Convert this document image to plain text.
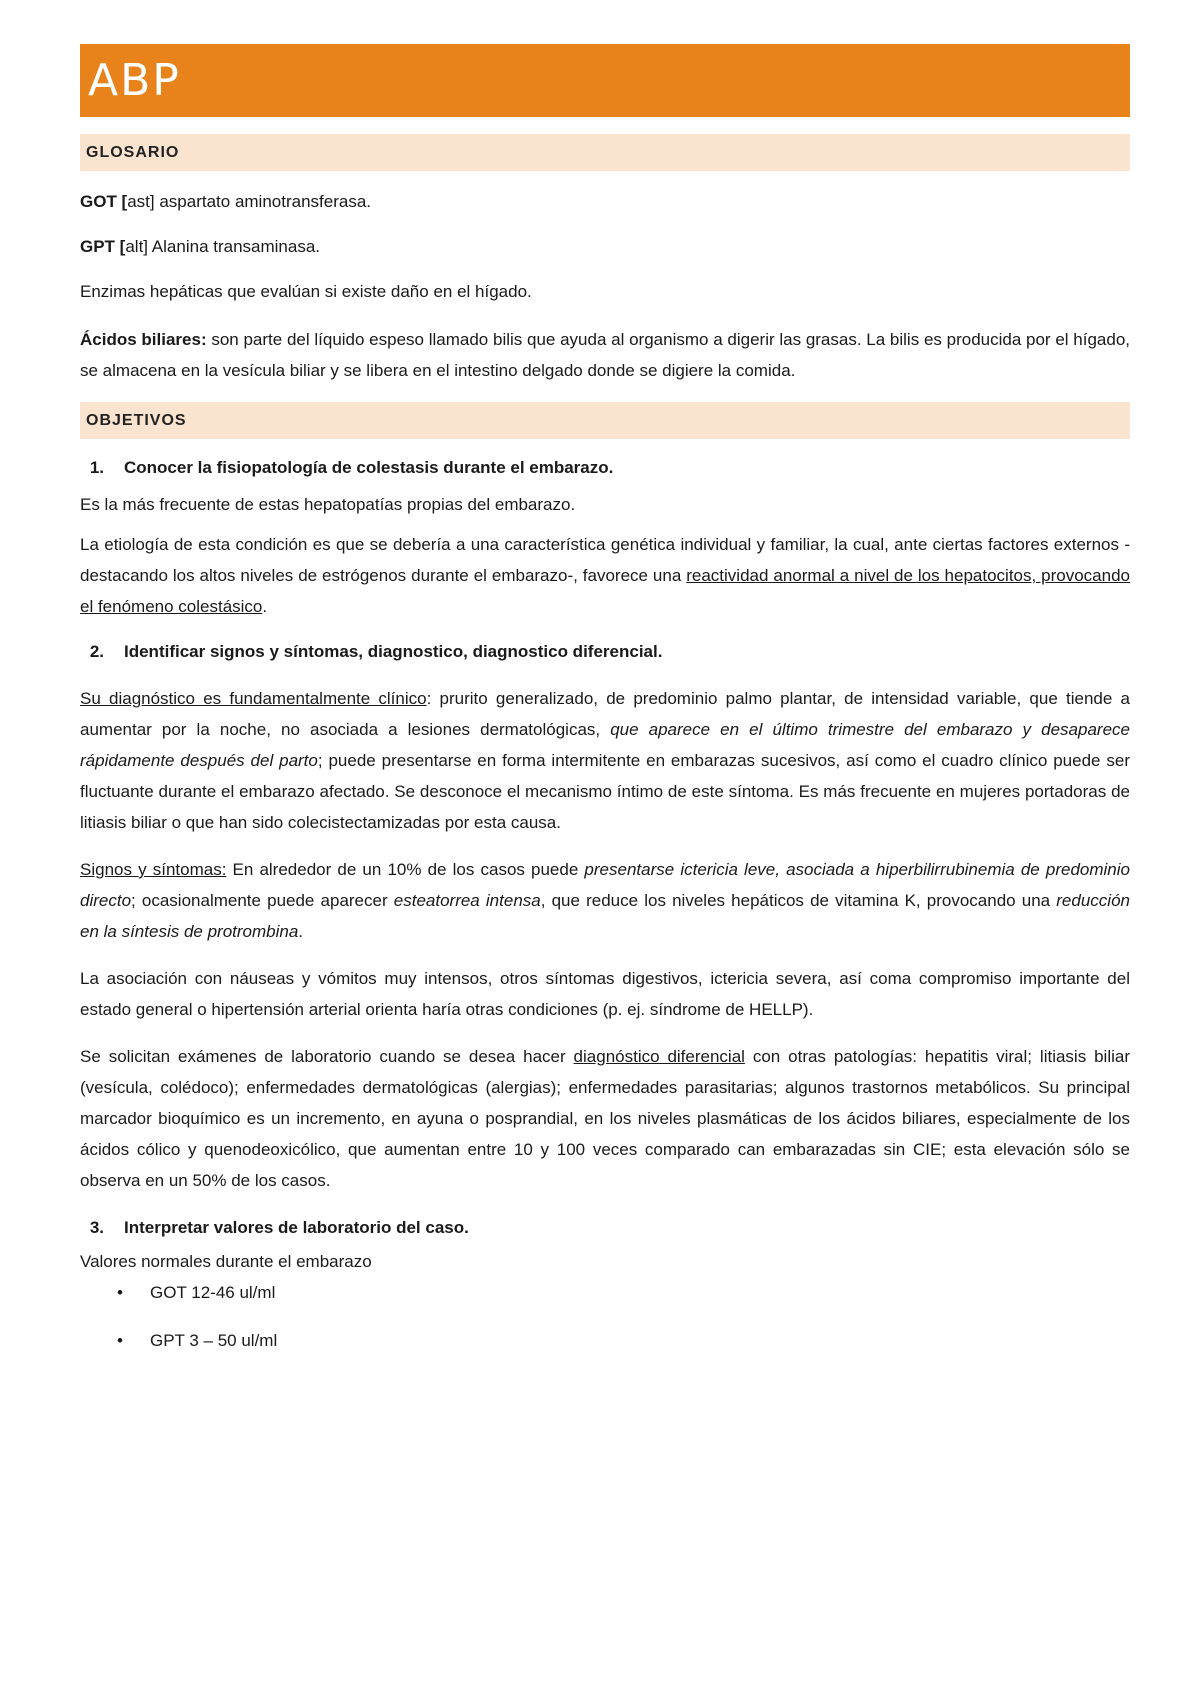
ABP
GLOSARIO

GOT [ast] aspartato aminotransferasa.

GPT [alt] Alanina transaminasa.

Enzimas hepáticas que evalúan si existe daño en el hígado.

Ácidos biliares: son parte del líquido espeso llamado bilis que ayuda al organismo a digerir las grasas. La bilis es producida por el hígado, se almacena en la vesícula biliar y se libera en el intestino delgado donde se digiere la comida.

OBJETIVOS
1.	Conocer la fisiopatología de colestasis durante el embarazo.

Es la más frecuente de estas hepatopatías propias del embarazo.

La etiología de esta condición es que se debería a una característica genética individual y familiar, la cual, ante ciertas factores externos -destacando los altos niveles de estrógenos durante el embarazo-, favorece una reactividad anormal a nivel de los hepatocitos, provocando el fenómeno colestásico.

2.	Identificar signos y síntomas, diagnostico, diagnostico diferencial.

Su diagnóstico es fundamentalmente clínico: prurito generalizado, de predominio palmo plantar, de intensidad variable, que tiende a aumentar por la noche, no asociada a lesiones dermatológicas, que aparece en el último trimestre del embarazo y desaparece rápidamente después del parto; puede presentarse en forma intermitente en embarazas sucesivos, así como el cuadro clínico puede ser fluctuante durante el embarazo afectado. Se desconoce el mecanismo íntimo de este síntoma. Es más frecuente en mujeres portadoras de litiasis biliar o que han sido colecistectamizadas por esta causa.

Signos y síntomas: En alrededor de un 10% de los casos puede presentarse ictericia leve, asociada a hiperbilirrubinemia de predominio directo; ocasionalmente puede aparecer esteatorrea intensa, que reduce los niveles hepáticos de vitamina K, provocando una reducción en la síntesis de protrombina.

La asociación con náuseas y vómitos muy intensos, otros síntomas digestivos, ictericia severa, así coma compromiso importante del estado general o hipertensión arterial orienta haría otras condiciones (p. ej. síndrome de HELLP).

Se solicitan exámenes de laboratorio cuando se desea hacer diagnóstico diferencial con otras patologías: hepatitis viral; litiasis biliar (vesícula, colédoco); enfermedades dermatológicas (alergias); enfermedades parasitarias; algunos trastornos metabólicos. Su principal marcador bioquímico es un incremento, en ayuna o posprandial, en los niveles plasmáticas de los ácidos biliares, especialmente de los ácidos cólico y quenodeoxicólico, que aumentan entre 10 y 100 veces comparado can embarazadas sin CIE; esta elevación sólo se observa en un 50% de los casos.

3.	Interpretar valores de laboratorio del caso.

Valores normales durante el embarazo

•	GOT 12-46 ul/ml
•	GPT 3 – 50 ul/ml
